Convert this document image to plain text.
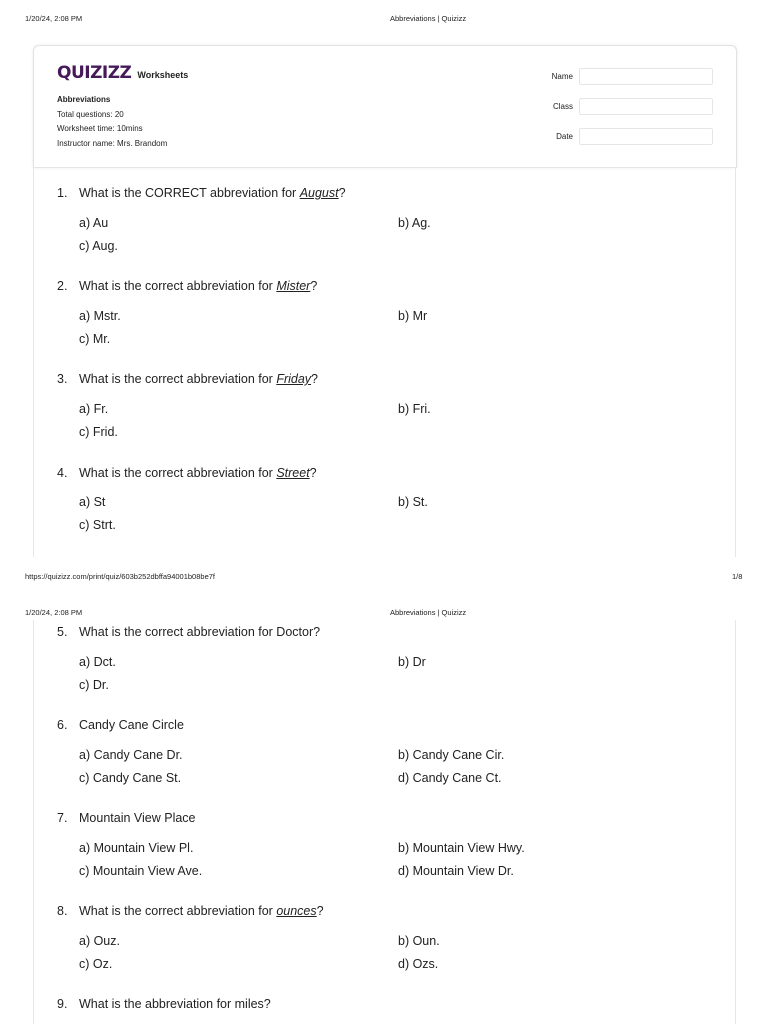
1/20/24, 2:08 PM	Abbreviations | Quizizz
QUIZIZZ Worksheets
Abbreviations
Total questions: 20
Worksheet time: 10mins
Instructor name: Mrs. Brandom
Name
Class
Date
1. What is the CORRECT abbreviation for August?
a) Au	b) Ag.
c) Aug.
2. What is the correct abbreviation for Mister?
a) Mstr.	b) Mr
c) Mr.
3. What is the correct abbreviation for Friday?
a) Fr.	b) Fri.
c) Frid.
4. What is the correct abbreviation for Street?
a) St	b) St.
c) Strt.
https://quizizz.com/print/quiz/603b252dbffa94001b08be7f	1/8
1/20/24, 2:08 PM	Abbreviations | Quizizz
5. What is the correct abbreviation for Doctor?
a) Dct.	b) Dr
c) Dr.
6. Candy Cane Circle
a) Candy Cane Dr.	b) Candy Cane Cir.
c) Candy Cane St.	d) Candy Cane Ct.
7. Mountain View Place
a) Mountain View Pl.	b) Mountain View Hwy.
c) Mountain View Ave.	d) Mountain View Dr.
8. What is the correct abbreviation for ounces?
a) Ouz.	b) Oun.
c) Oz.	d) Ozs.
9. What is the abbreviation for miles?
